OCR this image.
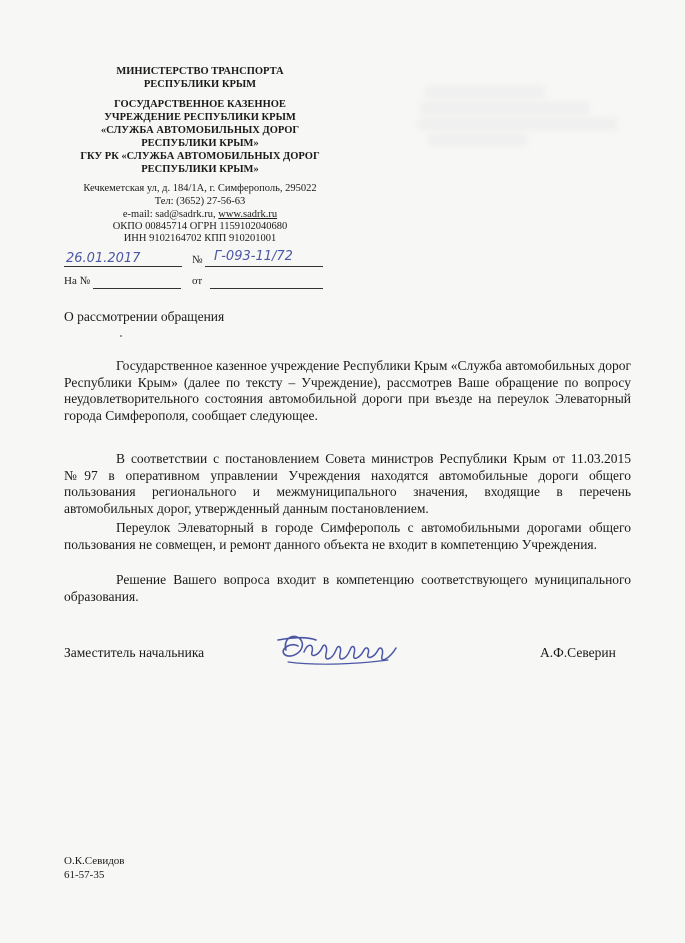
МИНИСТЕРСТВО ТРАНСПОРТА
РЕСПУБЛИКИ КРЫМ
ГОСУДАРСТВЕННОЕ КАЗЕННОЕ
УЧРЕЖДЕНИЕ РЕСПУБЛИКИ КРЫМ
«СЛУЖБА АВТОМОБИЛЬНЫХ ДОРОГ
РЕСПУБЛИКИ КРЫМ»
ГКУ РК «СЛУЖБА АВТОМОБИЛЬНЫХ ДОРОГ
РЕСПУБЛИКИ КРЫМ»
Кечкеметская ул, д. 184/1А, г. Симферополь, 295022
Тел: (3652) 27-56-63
e-mail: sad@sadrk.ru, www.sadrk.ru
ОКПО 00845714 ОГРН 1159102040680
ИНН 9102164702 КПП 910201001
26.01.2017	№ Г-093-11/72
На №	от
О рассмотрении обращения

Государственное казенное учреждение Республики Крым «Служба автомобильных дорог Республики Крым» (далее по тексту – Учреждение), рассмотрев Ваше обращение по вопросу неудовлетворительного состояния автомобильной дороги при въезде на переулок Элеваторный города Симферополя, сообщает следующее.

В соответствии с постановлением Совета министров Республики Крым от 11.03.2015 №97 в оперативном управлении Учреждения находятся автомобильные дороги общего пользования регионального и межмуниципального значения, входящие в перечень автомобильных дорог, утвержденный данным постановлением.

Переулок Элеваторный в городе Симферополь с автомобильными дорогами общего пользования не совмещен, и ремонт данного объекта не входит в компетенцию Учреждения.

Решение Вашего вопроса входит в компетенцию соответствующего муниципального образования.

Заместитель начальника	А.Ф.Северин
О.К.Севидов
61-57-35
